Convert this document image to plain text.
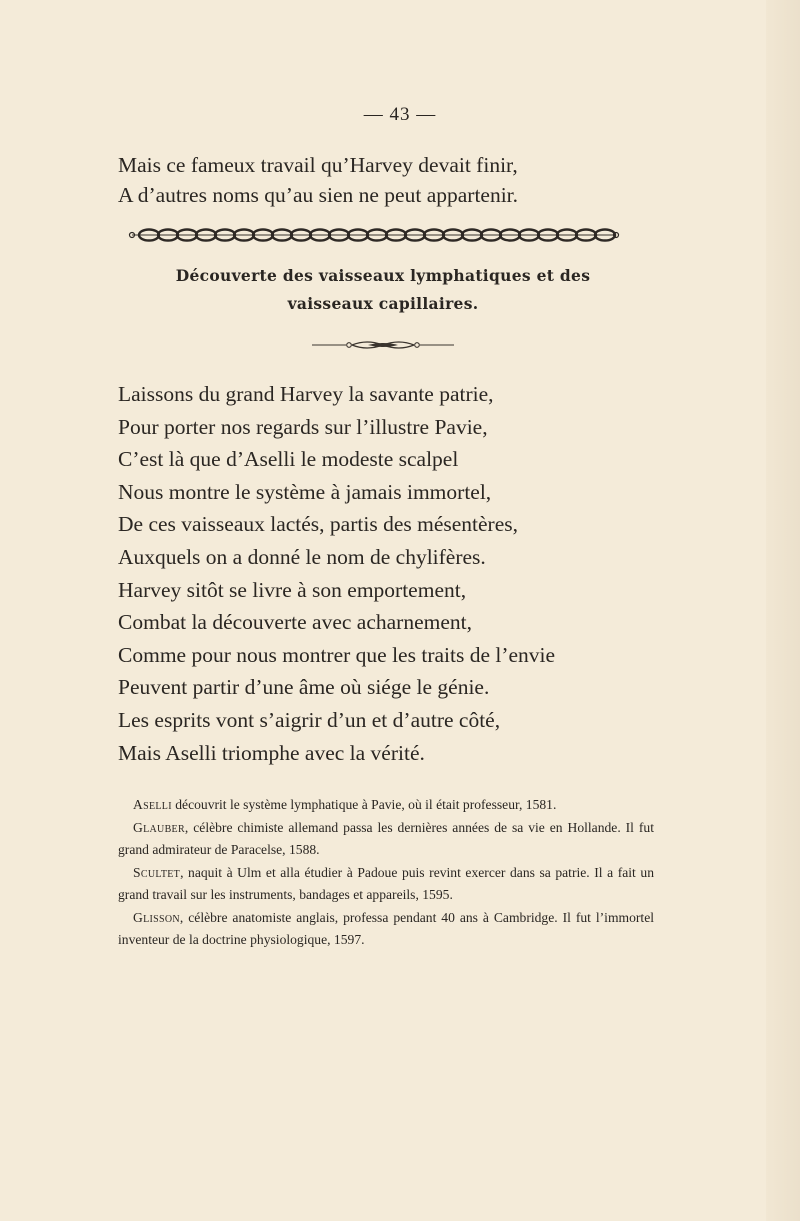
— 43 —
Mais ce fameux travail qu’Harvey devait finir,
A d’autres noms qu’au sien ne peut appartenir.
Découverte des vaisseaux lymphatiques et des
vaisseaux capillaires.
Laissons du grand Harvey la savante patrie,
Pour porter nos regards sur l’illustre Pavie,
C’est là que d’Aselli le modeste scalpel
Nous montre le système à jamais immortel,
De ces vaisseaux lactés, partis des mésentères,
Auxquels on a donné le nom de chylifères.
Harvey sitôt se livre à son emportement,
Combat la découverte avec acharnement,
Comme pour nous montrer que les traits de l’envie
Peuvent partir d’une âme où siége le génie.
Les esprits vont s’aigrir d’un et d’autre côté,
Mais Aselli triomphe avec la vérité.

Aselli découvrit le système lymphatique à Pavie, où il était professeur, 1581.

Glauber, célèbre chimiste allemand passa les dernières années de sa vie en Hollande. Il fut grand admirateur de Paracelse, 1588.

Scultet, naquit à Ulm et alla étudier à Padoue puis revint exercer dans sa patrie. Il a fait un grand travail sur les instruments, bandages et appareils, 1595.

Glisson, célèbre anatomiste anglais, professa pendant 40 ans à Cambridge. Il fut l’immortel inventeur de la doctrine physiologique, 1597.
